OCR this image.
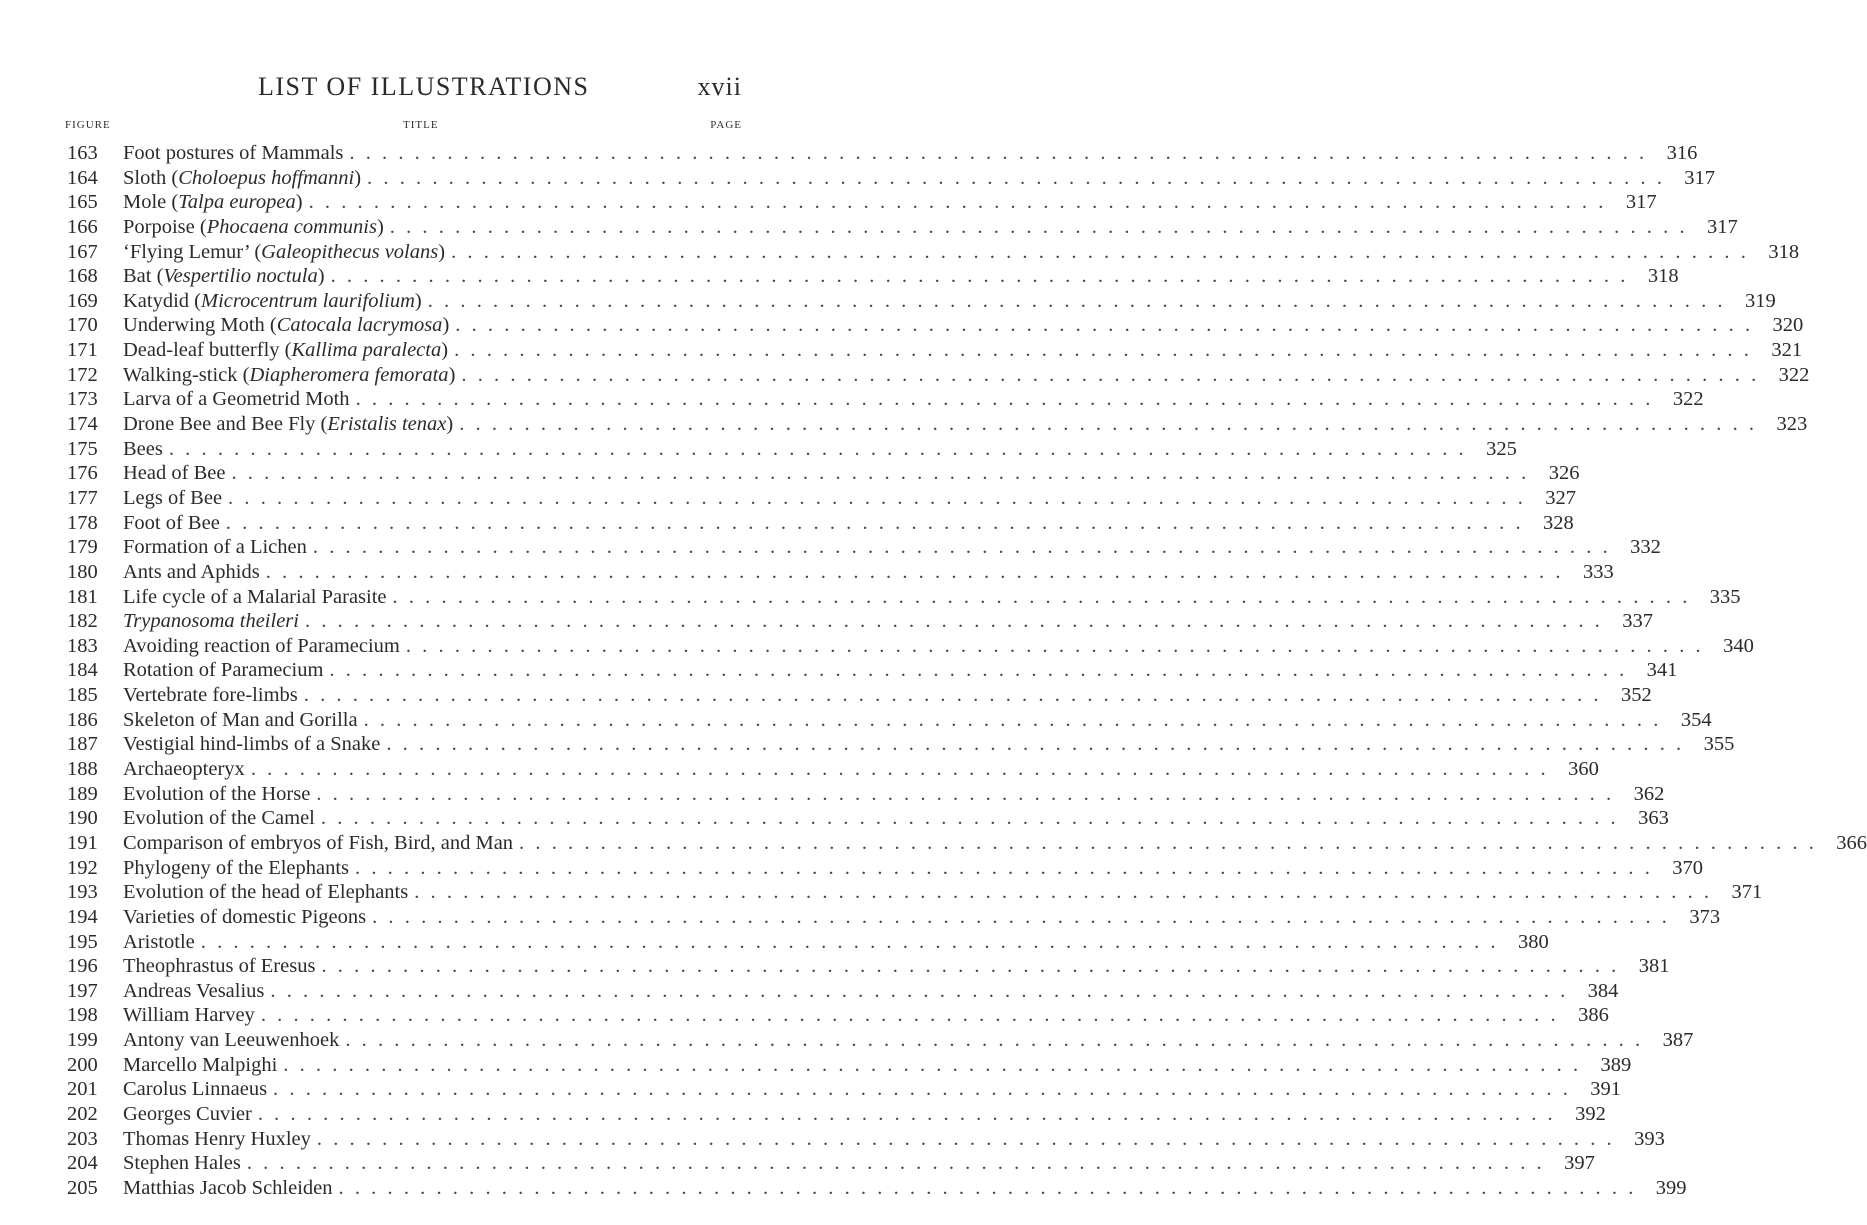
LIST OF ILLUSTRATIONS	xvii
FIGURE	TITLE	PAGE
163	Foot postures of Mammals ................................................................................ 316
164	Sloth (Choloepus hoffmanni) ................................................................................ 317
165	Mole (Talpa europea) ................................................................................ 317
166	Porpoise (Phocaena communis) ................................................................................ 317
167	‘Flying Lemur’ (Galeopithecus volans) ................................................................................ 318
168	Bat (Vespertilio noctula) ................................................................................ 318
169	Katydid (Microcentrum laurifolium) ................................................................................ 319
170	Underwing Moth (Catocala lacrymosa) ................................................................................ 320
171	Dead-leaf butterfly (Kallima paralecta) ................................................................................ 321
172	Walking-stick (Diapheromera femorata) ................................................................................ 322
173	Larva of a Geometrid Moth ................................................................................ 322
174	Drone Bee and Bee Fly (Eristalis tenax) ................................................................................ 323
175	Bees ................................................................................ 325
176	Head of Bee ................................................................................ 326
177	Legs of Bee ................................................................................ 327
178	Foot of Bee ................................................................................ 328
179	Formation of a Lichen ................................................................................ 332
180	Ants and Aphids ................................................................................ 333
181	Life cycle of a Malarial Parasite ................................................................................ 335
182	Trypanosoma theileri ................................................................................ 337
183	Avoiding reaction of Paramecium ................................................................................ 340
184	Rotation of Paramecium ................................................................................ 341
185	Vertebrate fore-limbs ................................................................................ 352
186	Skeleton of Man and Gorilla ................................................................................ 354
187	Vestigial hind-limbs of a Snake ................................................................................ 355
188	Archaeopteryx ................................................................................ 360
189	Evolution of the Horse ................................................................................ 362
190	Evolution of the Camel ................................................................................ 363
191	Comparison of embryos of Fish, Bird, and Man ................................................................................ 366
192	Phylogeny of the Elephants ................................................................................ 370
193	Evolution of the head of Elephants ................................................................................ 371
194	Varieties of domestic Pigeons ................................................................................ 373
195	Aristotle ................................................................................ 380
196	Theophrastus of Eresus ................................................................................ 381
197	Andreas Vesalius ................................................................................ 384
198	William Harvey ................................................................................ 386
199	Antony van Leeuwenhoek ................................................................................ 387
200	Marcello Malpighi ................................................................................ 389
201	Carolus Linnaeus ................................................................................ 391
202	Georges Cuvier ................................................................................ 392
203	Thomas Henry Huxley ................................................................................ 393
204	Stephen Hales ................................................................................ 397
205	Matthias Jacob Schleiden ................................................................................ 399
